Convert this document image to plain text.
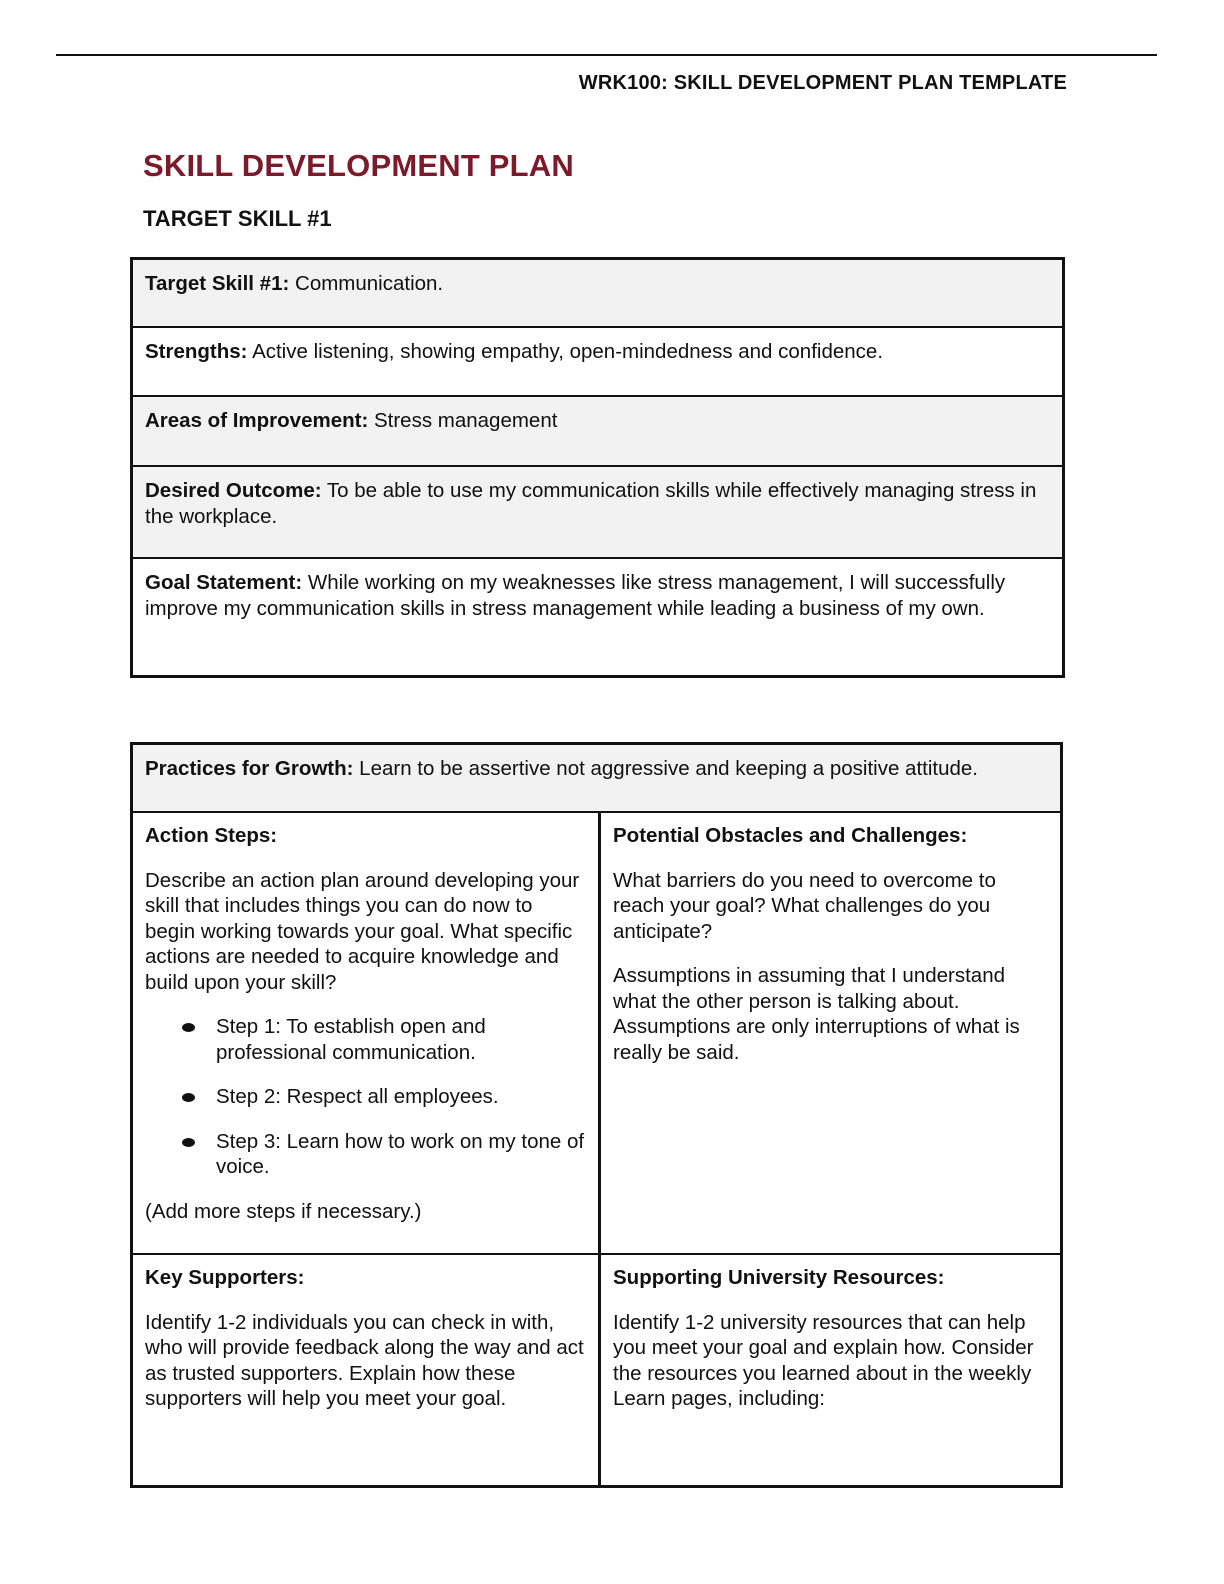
WRK100: SKILL DEVELOPMENT PLAN TEMPLATE
SKILL DEVELOPMENT PLAN
TARGET SKILL #1
Target Skill #1: Communication.
Strengths: Active listening, showing empathy, open-mindedness and confidence.
Areas of Improvement: Stress management
Desired Outcome: To be able to use my communication skills while effectively managing stress in the workplace.
Goal Statement: While working on my weaknesses like stress management, I will successfully improve my communication skills in stress management while leading a business of my own.
Practices for Growth: Learn to be assertive not aggressive and keeping a positive attitude.
Action Steps:

Describe an action plan around developing your skill that includes things you can do now to begin working towards your goal. What specific actions are needed to acquire knowledge and build upon your skill?

Step 1: To establish open and professional communication.
Step 2: Respect all employees.
Step 3: Learn how to work on my tone of voice.

(Add more steps if necessary.)

Potential Obstacles and Challenges:

What barriers do you need to overcome to reach your goal? What challenges do you anticipate?

Assumptions in assuming that I understand what the other person is talking about. Assumptions are only interruptions of what is really be said.

Key Supporters:

Identify 1-2 individuals you can check in with, who will provide feedback along the way and act as trusted supporters. Explain how these supporters will help you meet your goal.

Supporting University Resources:

Identify 1-2 university resources that can help you meet your goal and explain how. Consider the resources you learned about in the weekly Learn pages, including:
